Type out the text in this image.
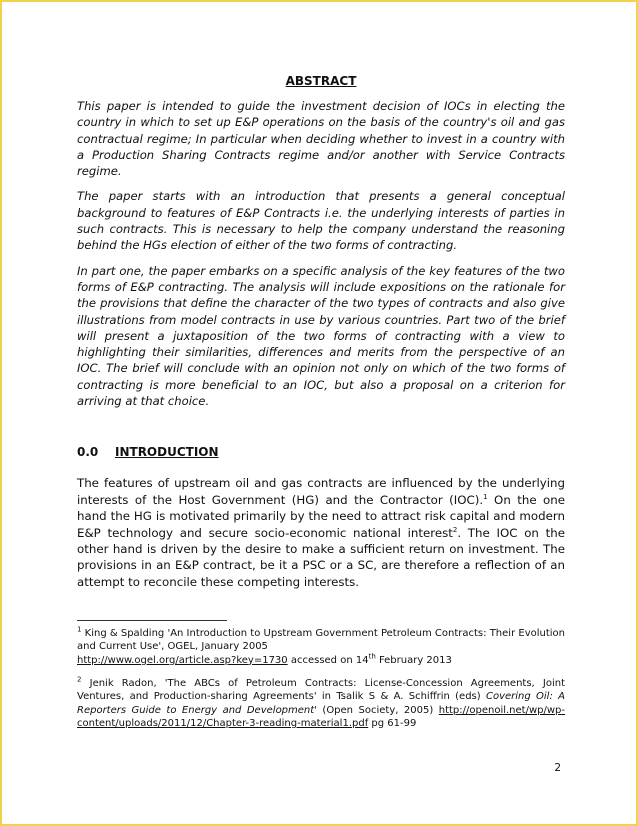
ABSTRACT

This paper is intended to guide the investment decision of IOCs in electing the country in which to set up E&P operations on the basis of the country's oil and gas contractual regime; In particular when deciding whether to invest in a country with a Production Sharing Contracts regime and/or another with Service Contracts regime.

The paper starts with an introduction that presents a general conceptual background to features of E&P Contracts i.e. the underlying interests of parties in such contracts. This is necessary to help the company understand the reasoning behind the HGs election of either of the two forms of contracting.

In part one, the paper embarks on a specific analysis of the key features of the two forms of E&P contracting. The analysis will include expositions on the rationale for the provisions that define the character of the two types of contracts and also give illustrations from model contracts in use by various countries. Part two of the brief will present a juxtaposition of the two forms of contracting with a view to highlighting their similarities, differences and merits from the perspective of an IOC. The brief will conclude with an opinion not only on which of the two forms of contracting is more beneficial to an IOC, but also a proposal on a criterion for arriving at that choice.

0.0	INTRODUCTION

The features of upstream oil and gas contracts are influenced by the underlying interests of the Host Government (HG) and the Contractor (IOC).$^1$ On the one hand the HG is motivated primarily by the need to attract risk capital and modern E&P technology and secure socio-economic national interest$^2$. The IOC on the other hand is driven by the desire to make a sufficient return on investment. The provisions in an E&P contract, be it a PSC or a SC, are therefore a reflection of an attempt to reconcile these competing interests.

$^1$ King & Spalding 'An Introduction to Upstream Government Petroleum Contracts: Their Evolution and Current Use', OGEL, January 2005
http://www.ogel.org/article.asp?key=1730 accessed on 14th February 2013

$^2$ Jenik Radon, 'The ABCs of Petroleum Contracts: License-Concession Agreements, Joint Ventures, and Production-sharing Agreements' in Tsalik S & A. Schiffrin (eds) Covering Oil: A Reporters Guide to Energy and Development' (Open Society, 2005) http://openoil.net/wp/wp-content/uploads/2011/12/Chapter-3-reading-material1.pdf pg 61-99

2
